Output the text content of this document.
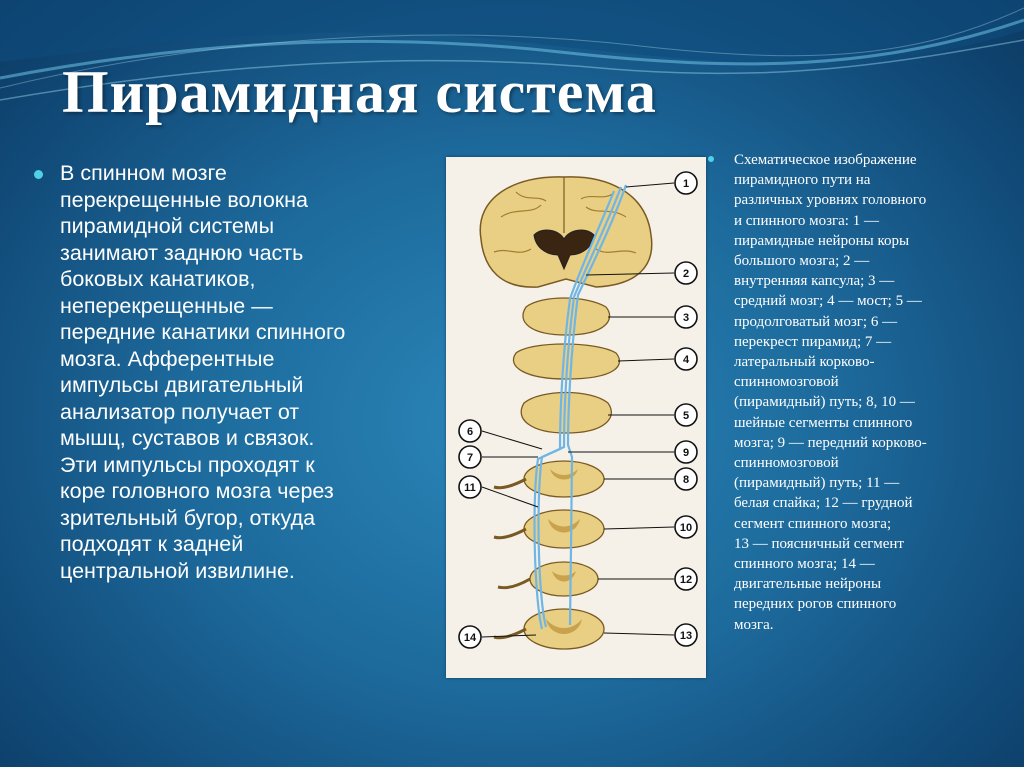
Пирамидная система
В спинном мозге
перекрещенные волокна
пирамидной системы
занимают заднюю часть
боковых канатиков,
неперекрещенные —
передние канатики спинного
мозга. Афферентные
импульсы двигательный
анализатор получает от
мышц, суставов и связок.
Эти импульсы проходят к
коре головного мозга через
зрительный бугор, откуда
подходят к задней
центральной извилине.
1
2
3
4
5
9
8
10
12
13
6
7
11
14
Схематическое изображение
пирамидного пути на
различных уровнях головного
и спинного мозга: 1 —
пирамидные нейроны коры
большого мозга; 2 —
внутренняя капсула; 3 —
средний мозг; 4 — мост; 5 —
продолговатый мозг; 6 —
перекрест пирамид; 7 —
латеральный корково-
спинномозговой
(пирамидный) путь; 8, 10 —
шейные сегменты спинного
мозга; 9 — передний корково-
спинномозговой
(пирамидный) путь; 11 —
белая спайка; 12 — грудной
сегмент спинного мозга;
13 — поясничный сегмент
спинного мозга; 14 —
двигательные нейроны
передних рогов спинного
мозга.
